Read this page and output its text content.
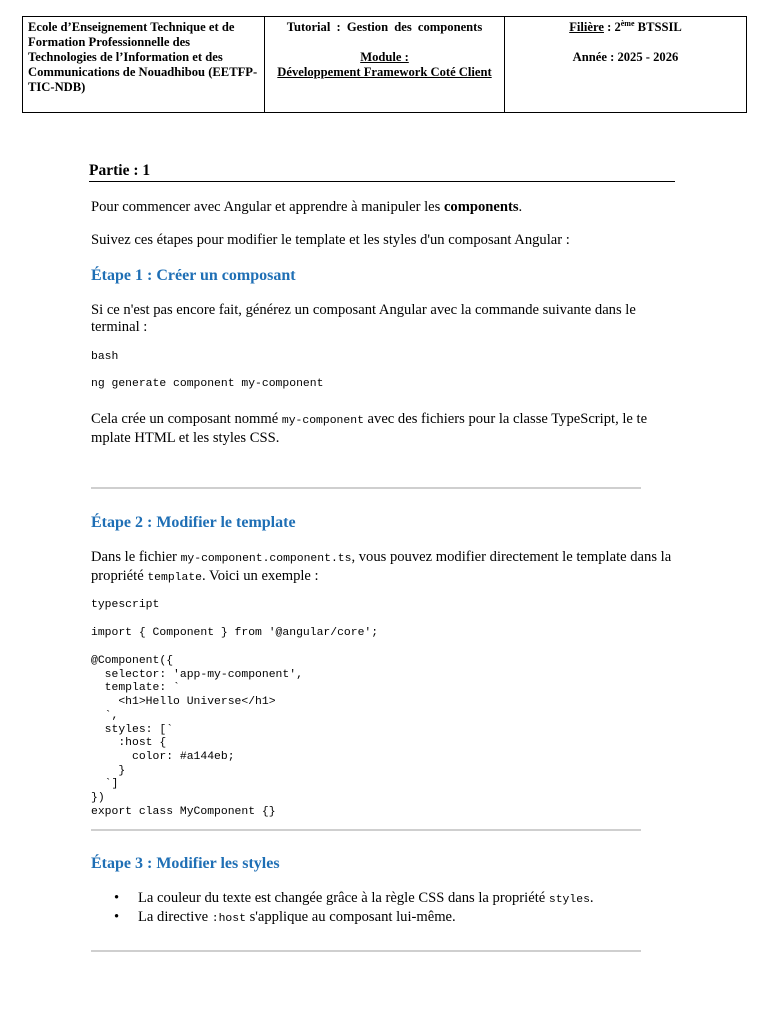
Ecole d’Enseignement Technique et de Formation Professionnelle des Technologies de l’Information et des Communications de Nouadhibou (EETFP-TIC-NDB)
Tutorial : Gestion des components
Module :
Développement Framework Coté Client
Filière : 2ème BTSSIL
Année : 2025 - 2026
Partie : 1
Pour commencer avec Angular et apprendre à manipuler les components.
Suivez ces étapes pour modifier le template et les styles d'un composant Angular :
Étape 1 : Créer un composant
Si ce n'est pas encore fait, générez un composant Angular avec la commande suivante dans le terminal :
bash
ng generate component my-component
Cela crée un composant nommé my-component avec des fichiers pour la classe TypeScript, le te
mplate HTML et les styles CSS.
Étape 2 : Modifier le template
Dans le fichier my-component.component.ts, vous pouvez modifier directement le template dans la propriété template. Voici un exemple :
typescript
import { Component } from '@angular/core';
@Component({
selector: 'app-my-component',
template: `
<h1>Hello Universe</h1>
`,
styles: [`
:host {
color: #a144eb;
}
`]
})
export class MyComponent {}
Étape 3 : Modifier les styles
• La couleur du texte est changée grâce à la règle CSS dans la propriété styles.
• La directive :host s'applique au composant lui-même.
